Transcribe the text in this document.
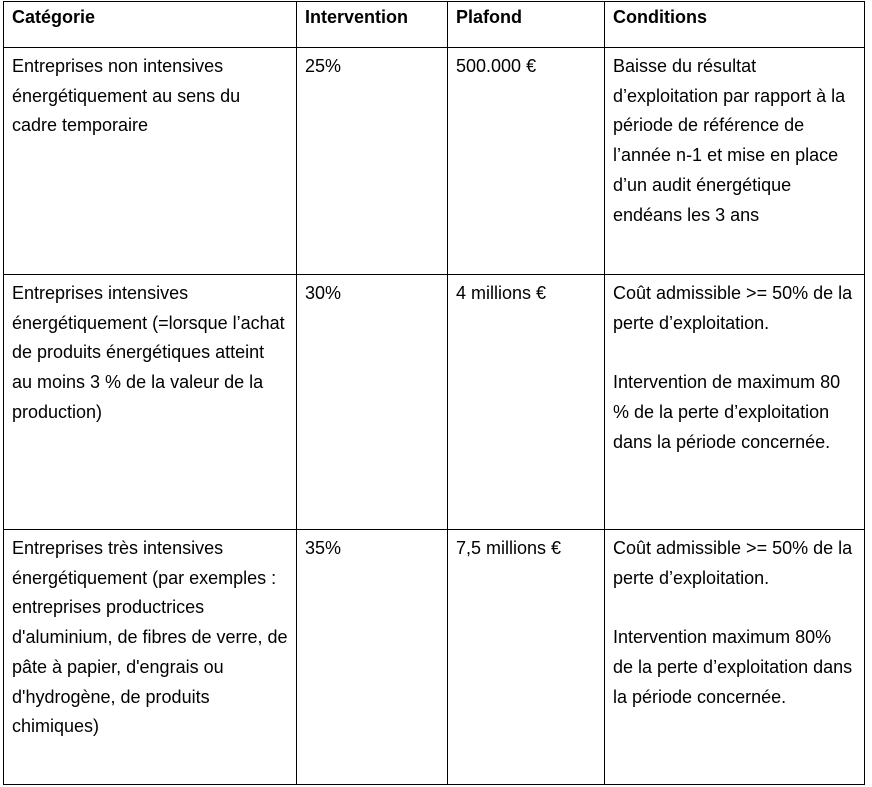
Catégorie	Intervention	Plafond	Conditions
Entreprises non intensives énergétiquement au sens du cadre temporaire	25%	500.000 €	Baisse du résultat d’exploitation par rapport à la période de référence de l’année n-1 et mise en place d’un audit énergétique endéans les 3 ans

Entreprises intensives énergétiquement (=lorsque l’achat de produits énergétiques atteint au moins 3 % de la valeur de la production)	30%	4 millions €	Coût admissible >= 50% de la perte d’exploitation.
Intervention de maximum 80 % de la perte d’exploitation dans la période concernée.

Entreprises très intensives énergétiquement (par exemples : entreprises productrices d'aluminium, de fibres de verre, de pâte à papier, d'engrais ou d'hydrogène, de produits chimiques)	35%	7,5 millions €	Coût admissible >= 50% de la perte d’exploitation.
Intervention maximum 80% de la perte d’exploitation dans la période concernée.
